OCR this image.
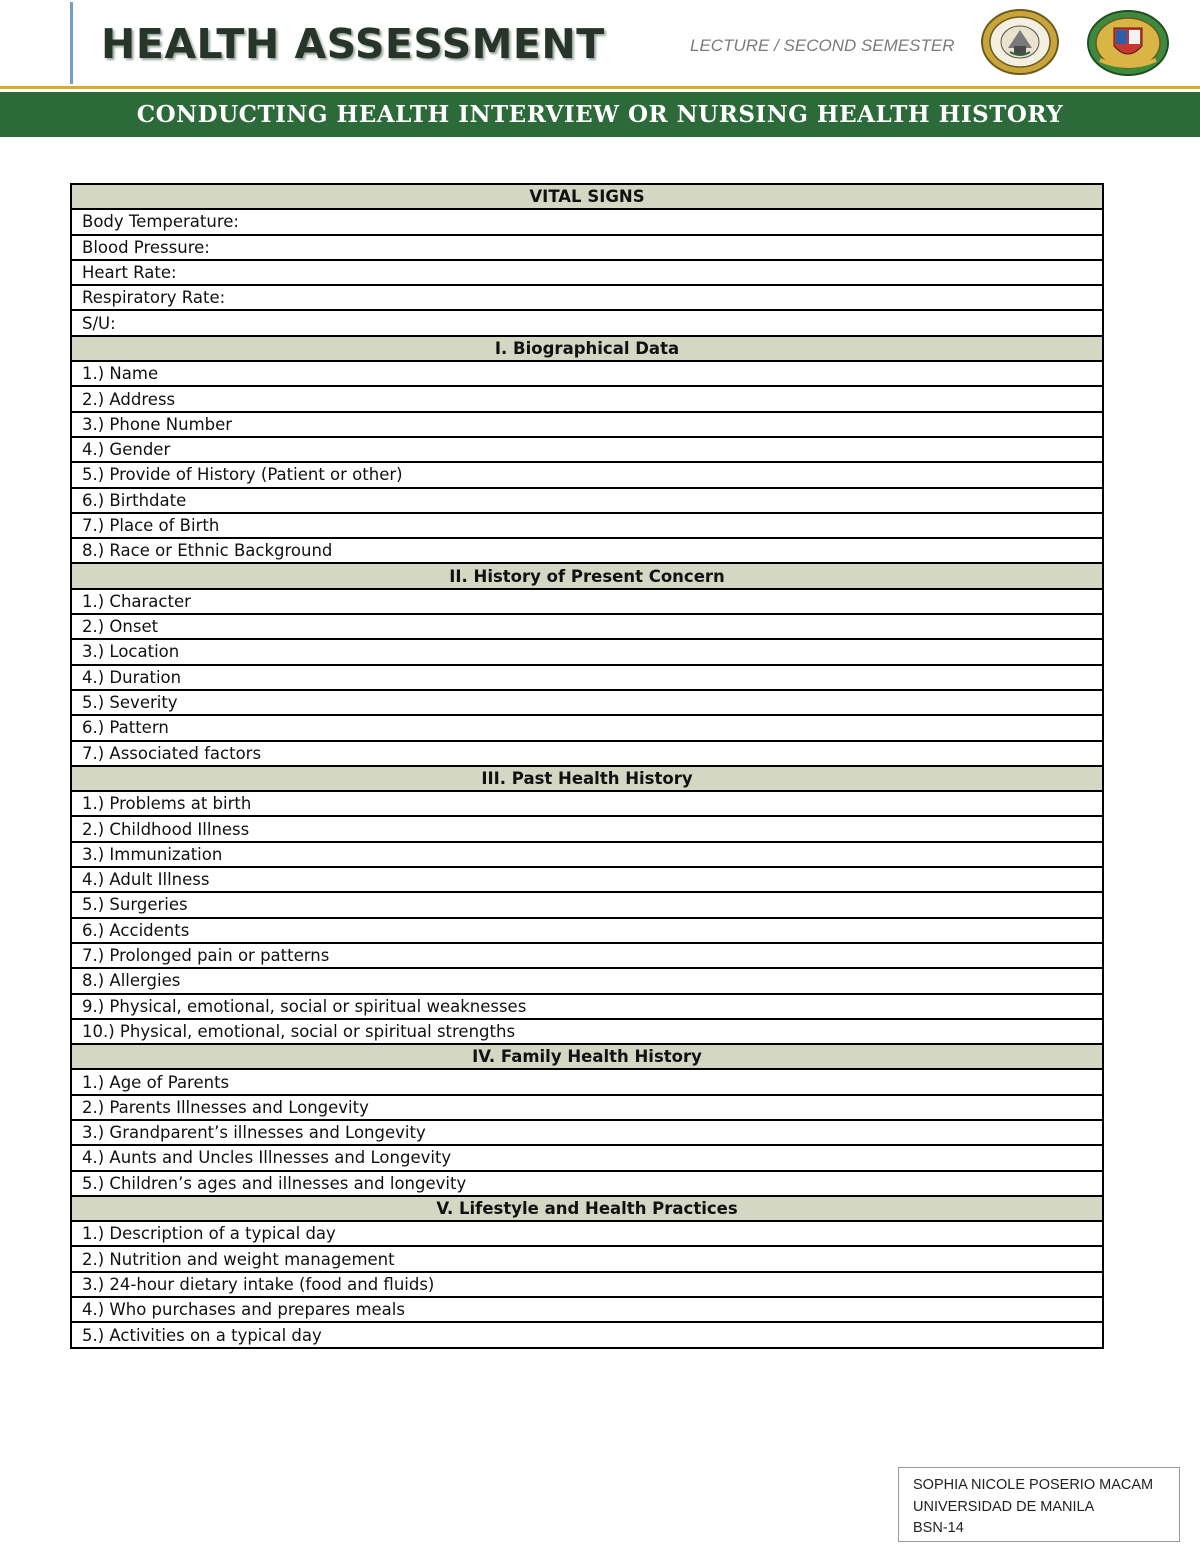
HEALTH ASSESSMENT	LECTURE / SECOND SEMESTER
CONDUCTING HEALTH INTERVIEW OR NURSING HEALTH HISTORY
VITAL SIGNS
Body Temperature:
Blood Pressure:
Heart Rate:
Respiratory Rate:
S/U:
I. Biographical Data
1.) Name
2.) Address
3.) Phone Number
4.) Gender
5.) Provide of History (Patient or other)
6.) Birthdate
7.) Place of Birth
8.) Race or Ethnic Background
II. History of Present Concern
1.) Character
2.) Onset
3.) Location
4.) Duration
5.) Severity
6.) Pattern
7.) Associated factors
III. Past Health History
1.) Problems at birth
2.) Childhood Illness
3.) Immunization
4.) Adult Illness
5.) Surgeries
6.) Accidents
7.) Prolonged pain or patterns
8.) Allergies
9.) Physical, emotional, social or spiritual weaknesses
10.) Physical, emotional, social or spiritual strengths
IV. Family Health History
1.) Age of Parents
2.) Parents Illnesses and Longevity
3.) Grandparent’s illnesses and Longevity
4.) Aunts and Uncles Illnesses and Longevity
5.) Children’s ages and illnesses and longevity
V. Lifestyle and Health Practices
1.) Description of a typical day
2.) Nutrition and weight management
3.) 24-hour dietary intake (food and fluids)
4.) Who purchases and prepares meals
5.) Activities on a typical day
SOPHIA NICOLE POSERIO MACAM
UNIVERSIDAD DE MANILA
BSN-14
